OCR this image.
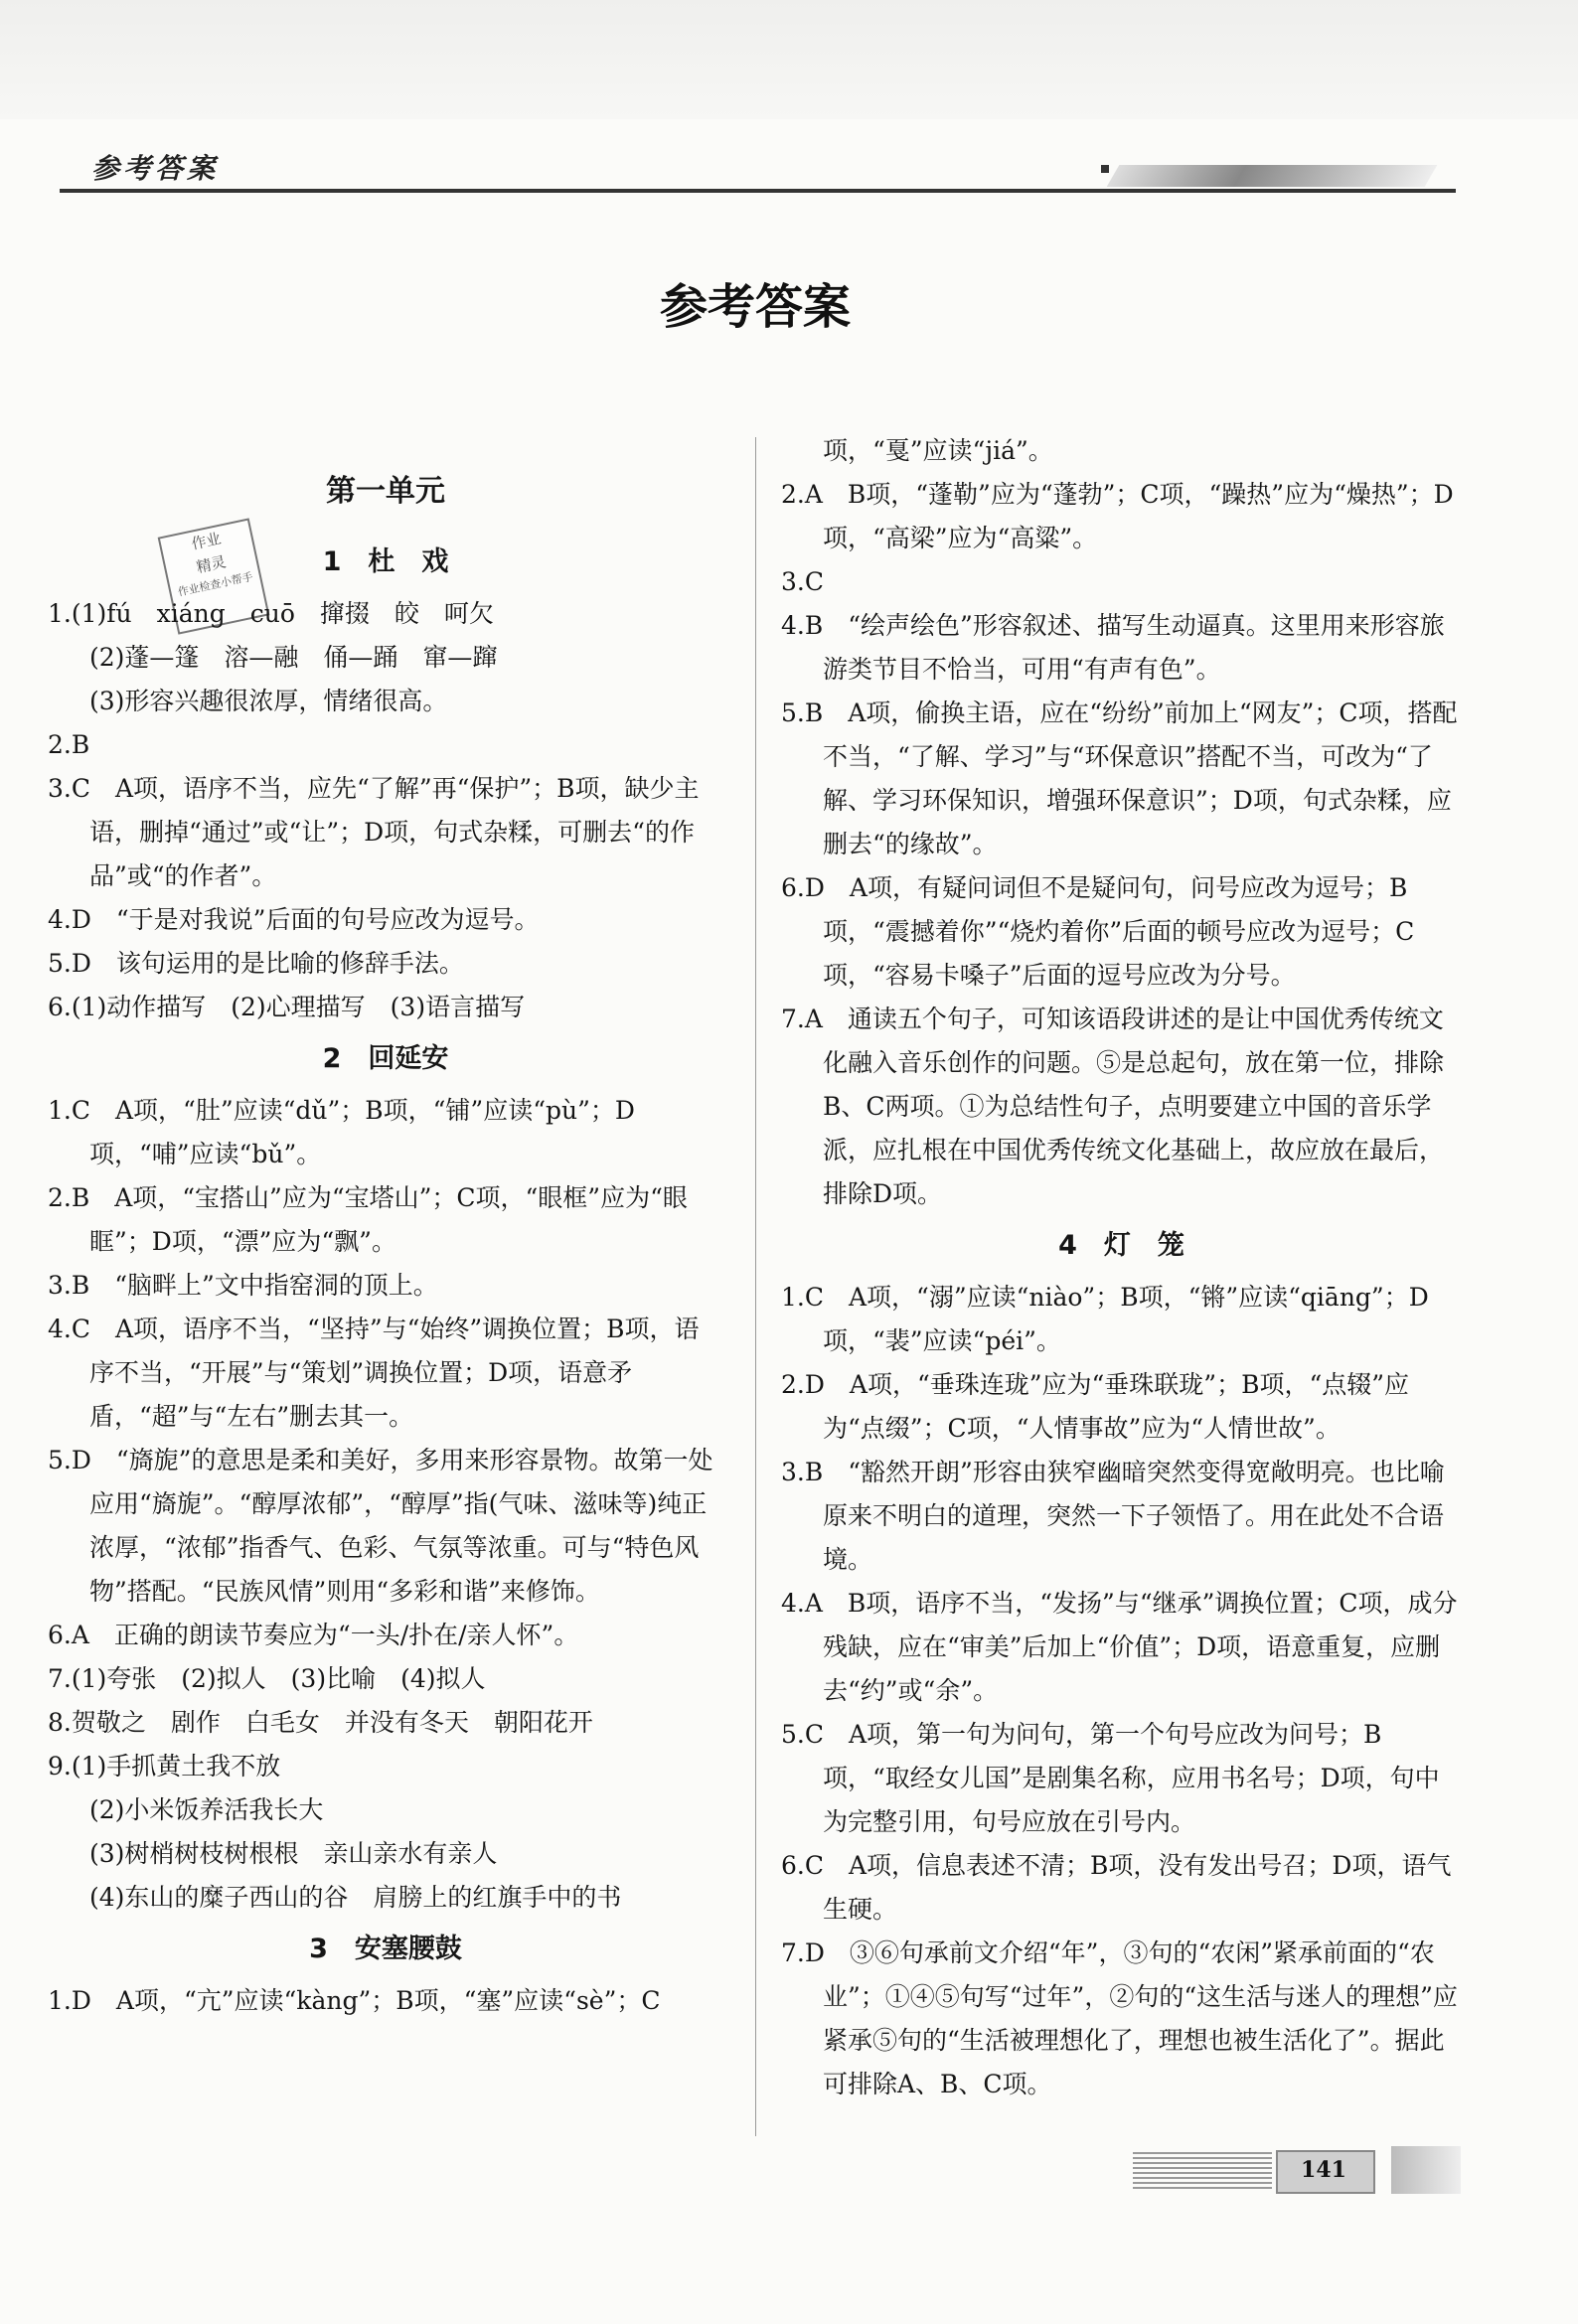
参考答案
参考答案
作业
精灵
作业检查小帮手
第一单元
1　杜　戏
1.(1)fú　xiáng　cuō　撺掇　皎　呵欠
(2)蓬—篷　溶—融　俑—踊　窜—蹿
(3)形容兴趣很浓厚，情绪很高。
2.B
3.C　A项，语序不当，应先“了解”再“保护”；B项，缺少主语，删掉“通过”或“让”；D项，句式杂糅，可删去“的作品”或“的作者”。
4.D　“于是对我说”后面的句号应改为逗号。
5.D　该句运用的是比喻的修辞手法。
6.(1)动作描写　(2)心理描写　(3)语言描写
2　回延安
1.C　A项，“肚”应读“dǔ”；B项，“铺”应读“pù”；D项，“哺”应读“bǔ”。
2.B　A项，“宝搭山”应为“宝塔山”；C项，“眼框”应为“眼眶”；D项，“漂”应为“飘”。
3.B　“脑畔上”文中指窑洞的顶上。
4.C　A项，语序不当，“坚持”与“始终”调换位置；B项，语序不当，“开展”与“策划”调换位置；D项，语意矛盾，“超”与“左右”删去其一。
5.D　“旖旎”的意思是柔和美好，多用来形容景物。故第一处应用“旖旎”。“醇厚浓郁”，“醇厚”指(气味、滋味等)纯正浓厚，“浓郁”指香气、色彩、气氛等浓重。可与“特色风物”搭配。“民族风情”则用“多彩和谐”来修饰。
6.A　正确的朗读节奏应为“一头/扑在/亲人怀”。
7.(1)夸张　(2)拟人　(3)比喻　(4)拟人
8.贺敬之　剧作　白毛女　并没有冬天　朝阳花开
9.(1)手抓黄土我不放
(2)小米饭养活我长大
(3)树梢树枝树根根　亲山亲水有亲人
(4)东山的糜子西山的谷　肩膀上的红旗手中的书
3　安塞腰鼓
1.D　A项，“亢”应读“kàng”；B项，“塞”应读“sè”；C
项，“戛”应读“jiá”。
2.A　B项，“蓬勒”应为“蓬勃”；C项，“躁热”应为“燥热”；D项，“高梁”应为“高粱”。
3.C
4.B　“绘声绘色”形容叙述、描写生动逼真。这里用来形容旅游类节目不恰当，可用“有声有色”。
5.B　A项，偷换主语，应在“纷纷”前加上“网友”；C项，搭配不当，“了解、学习”与“环保意识”搭配不当，可改为“了解、学习环保知识，增强环保意识”；D项，句式杂糅，应删去“的缘故”。
6.D　A项，有疑问词但不是疑问句，问号应改为逗号；B项，“震撼着你”“烧灼着你”后面的顿号应改为逗号；C项，“容易卡嗓子”后面的逗号应改为分号。
7.A　通读五个句子，可知该语段讲述的是让中国优秀传统文化融入音乐创作的问题。⑤是总起句，放在第一位，排除B、C两项。①为总结性句子，点明要建立中国的音乐学派，应扎根在中国优秀传统文化基础上，故应放在最后，排除D项。
4　灯　笼
1.C　A项，“溺”应读“niào”；B项，“锵”应读“qiāng”；D项，“裴”应读“péi”。
2.D　A项，“垂珠连珑”应为“垂珠联珑”；B项，“点辍”应为“点缀”；C项，“人情事故”应为“人情世故”。
3.B　“豁然开朗”形容由狭窄幽暗突然变得宽敞明亮。也比喻原来不明白的道理，突然一下子领悟了。用在此处不合语境。
4.A　B项，语序不当，“发扬”与“继承”调换位置；C项，成分残缺，应在“审美”后加上“价值”；D项，语意重复，应删去“约”或“余”。
5.C　A项，第一句为问句，第一个句号应改为问号；B项，“取经女儿国”是剧集名称，应用书名号；D项，句中为完整引用，句号应放在引号内。
6.C　A项，信息表述不清；B项，没有发出号召；D项，语气生硬。
7.D　③⑥句承前文介绍“年”，③句的“农闲”紧承前面的“农业”；①④⑤句写“过年”，②句的“这生活与迷人的理想”应紧承⑤句的“生活被理想化了，理想也被生活化了”。据此可排除A、B、C项。
141
